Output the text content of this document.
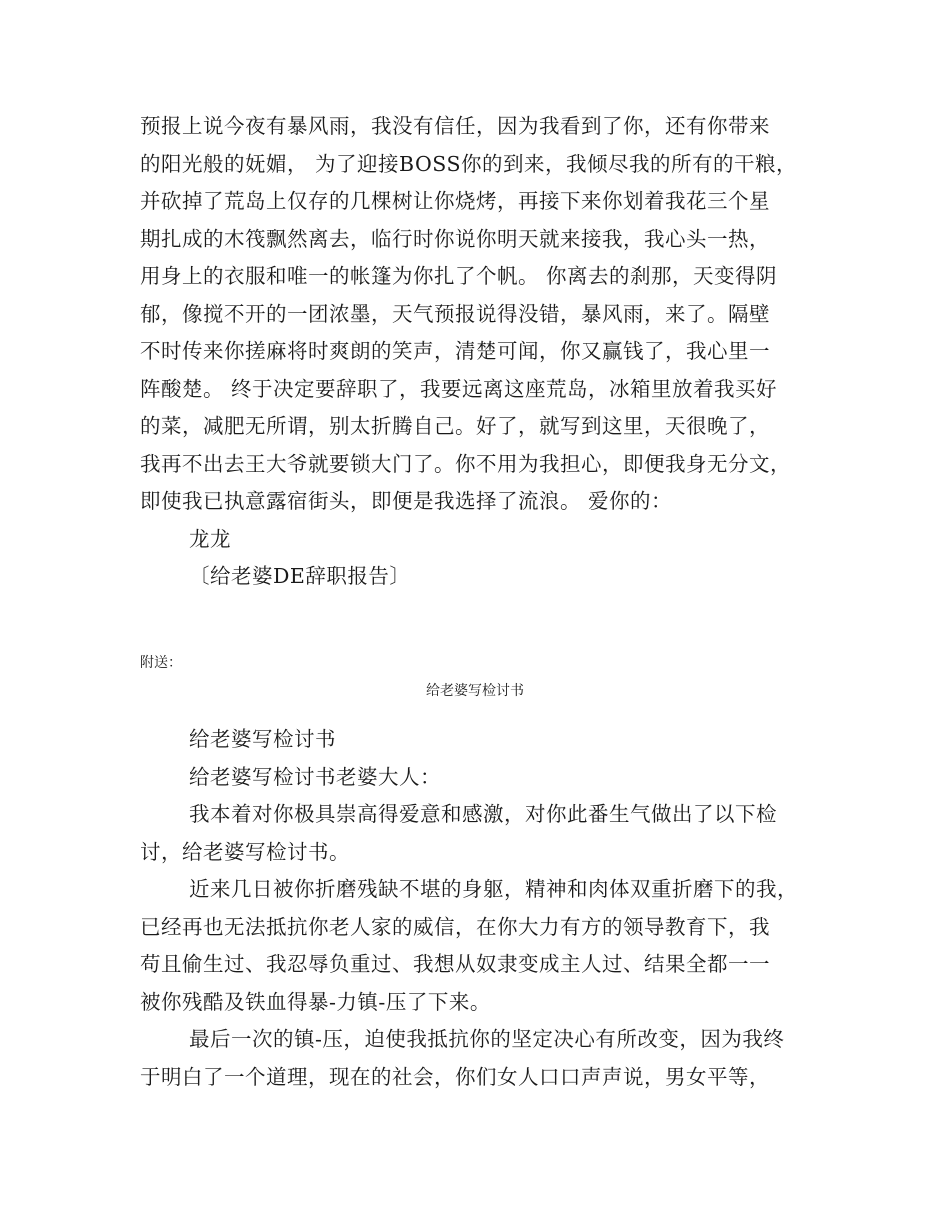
预报上说今夜有暴风雨，我没有信任，因为我看到了你，还有你带来
的阳光般的妩媚， 为了迎接BOSS你的到来，我倾尽我的所有的干粮，
并砍掉了荒岛上仅存的几棵树让你烧烤，再接下来你划着我花三个星
期扎成的木筏飘然离去，临行时你说你明天就来接我，我心头一热，
用身上的衣服和唯一的帐篷为你扎了个帆。 你离去的刹那，天变得阴
郁，像搅不开的一团浓墨，天气预报说得没错，暴风雨，来了。隔壁
不时传来你搓麻将时爽朗的笑声，清楚可闻，你又赢钱了，我心里一
阵酸楚。 终于决定要辞职了，我要远离这座荒岛，冰箱里放着我买好
的菜，减肥无所谓，别太折腾自己。好了，就写到这里，天很晚了，
我再不出去王大爷就要锁大门了。你不用为我担心，即便我身无分文，
即使我已执意露宿街头，即便是我选择了流浪。 爱你的：
龙龙
〔给老婆DE辞职报告〕
附送：
给老婆写检讨书
给老婆写检讨书
给老婆写检讨书老婆大人：
我本着对你极具崇高得爱意和感激，对你此番生气做出了以下检
讨，给老婆写检讨书。
近来几日被你折磨残缺不堪的身躯，精神和肉体双重折磨下的我，
已经再也无法抵抗你老人家的威信，在你大力有方的领导教育下，我
苟且偷生过、我忍辱负重过、我想从奴隶变成主人过、结果全都一一
被你残酷及铁血得暴-力镇-压了下来。
最后一次的镇-压，迫使我抵抗你的坚定决心有所改变，因为我终
于明白了一个道理，现在的社会，你们女人口口声声说，男女平等，
